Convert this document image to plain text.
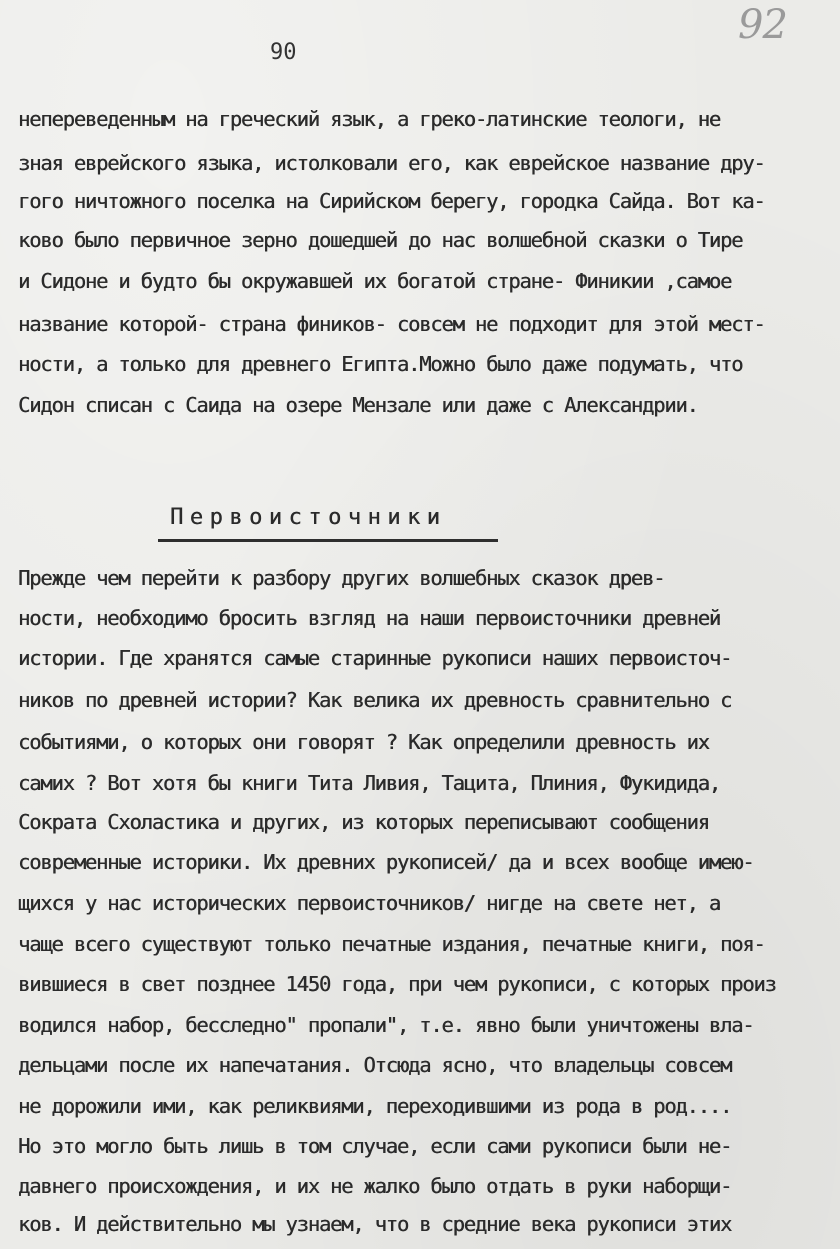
92
90
непереведенным на греческий язык, а греко-латинские теологи, не
зная еврейского языка, истолковали его, как еврейское название дру-
гого ничтожного поселка на Сирийском берегу, городка Сайда. Вот ка-
ково было первичное зерно дошедшей до нас волшебной сказки о Тире
и Сидоне и будто бы окружавшей их богатой стране- Финикии ,самое
название которой- страна фиников- совсем не подходит для этой мест-
ности, а только для древнего Египта.Можно было даже подумать, что
Сидон списан с Саида на озере Мензале или даже с Александрии.
Первоисточники
Прежде чем перейти к разбору других волшебных сказок древ-
ности, необходимо бросить взгляд на наши первоисточники древней
истории. Где хранятся самые старинные рукописи наших первоисточ-
ников по древней истории? Как велика их древность сравнительно с
событиями, о которых они говорят ? Как определили древность их
самих ? Вот хотя бы книги Тита Ливия, Тацита, Плиния, Фукидида,
Сократа Схоластика и других, из которых переписывают сообщения
современные историки. Их древних рукописей/ да и всех вообще имею-
щихся у нас исторических первоисточников/ нигде на свете нет, а
чаще всего существуют только печатные издания, печатные книги, поя-
вившиеся в свет позднее 1450 года, при чем рукописи, с которых произ
водился набор, бесследно" пропали", т.е. явно были уничтожены вла-
дельцами после их напечатания. Отсюда ясно, что владельцы совсем
не дорожили ими, как реликвиями, переходившими из рода в род....
Но это могло быть лишь в том случае, если сами рукописи были не-
давнего происхождения, и их не жалко было отдать в руки наборщи-
ков. И действительно мы узнаем, что в средние века рукописи этих
